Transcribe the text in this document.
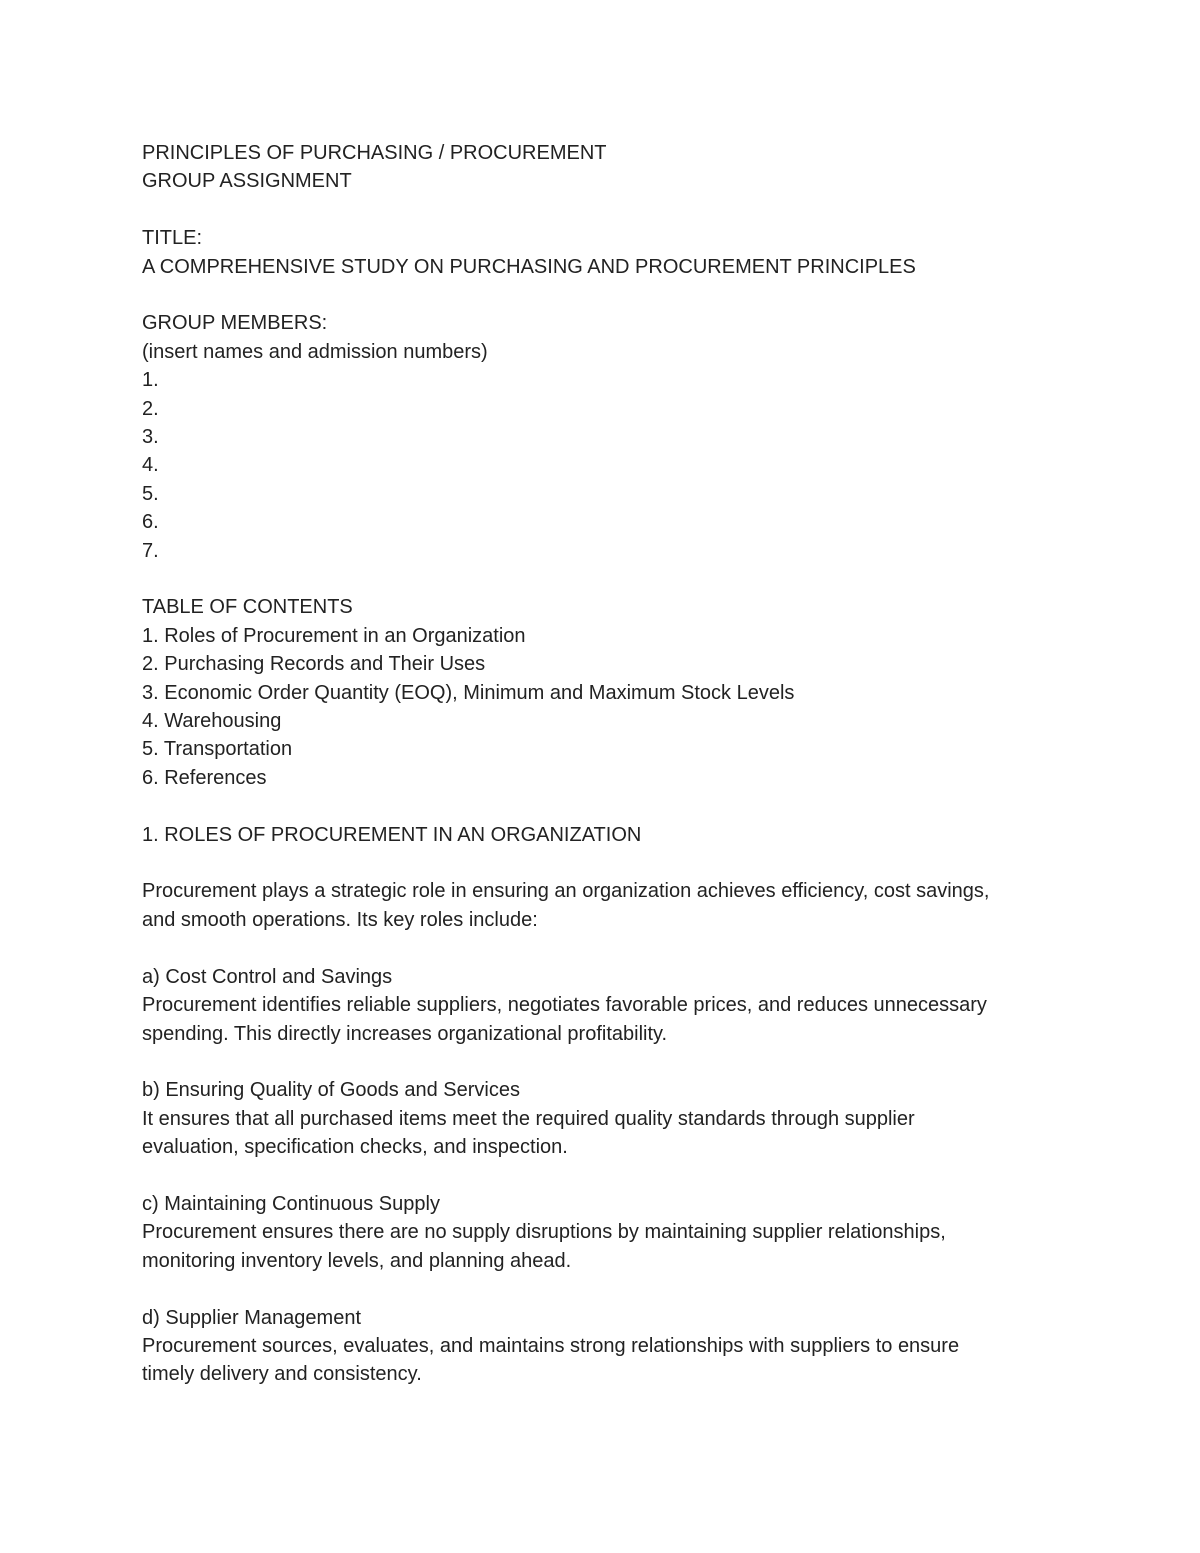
PRINCIPLES OF PURCHASING / PROCUREMENT
GROUP ASSIGNMENT
TITLE:
A COMPREHENSIVE STUDY ON PURCHASING AND PROCUREMENT PRINCIPLES
GROUP MEMBERS:
(insert names and admission numbers)
1.
2.
3.
4.
5.
6.
7.
TABLE OF CONTENTS
1. Roles of Procurement in an Organization
2. Purchasing Records and Their Uses
3. Economic Order Quantity (EOQ), Minimum and Maximum Stock Levels
4. Warehousing
5. Transportation
6. References
1. ROLES OF PROCUREMENT IN AN ORGANIZATION
Procurement plays a strategic role in ensuring an organization achieves efficiency, cost savings,
and smooth operations. Its key roles include:
a) Cost Control and Savings
Procurement identifies reliable suppliers, negotiates favorable prices, and reduces unnecessary
spending. This directly increases organizational profitability.
b) Ensuring Quality of Goods and Services
It ensures that all purchased items meet the required quality standards through supplier
evaluation, specification checks, and inspection.
c) Maintaining Continuous Supply
Procurement ensures there are no supply disruptions by maintaining supplier relationships,
monitoring inventory levels, and planning ahead.
d) Supplier Management
Procurement sources, evaluates, and maintains strong relationships with suppliers to ensure
timely delivery and consistency.
